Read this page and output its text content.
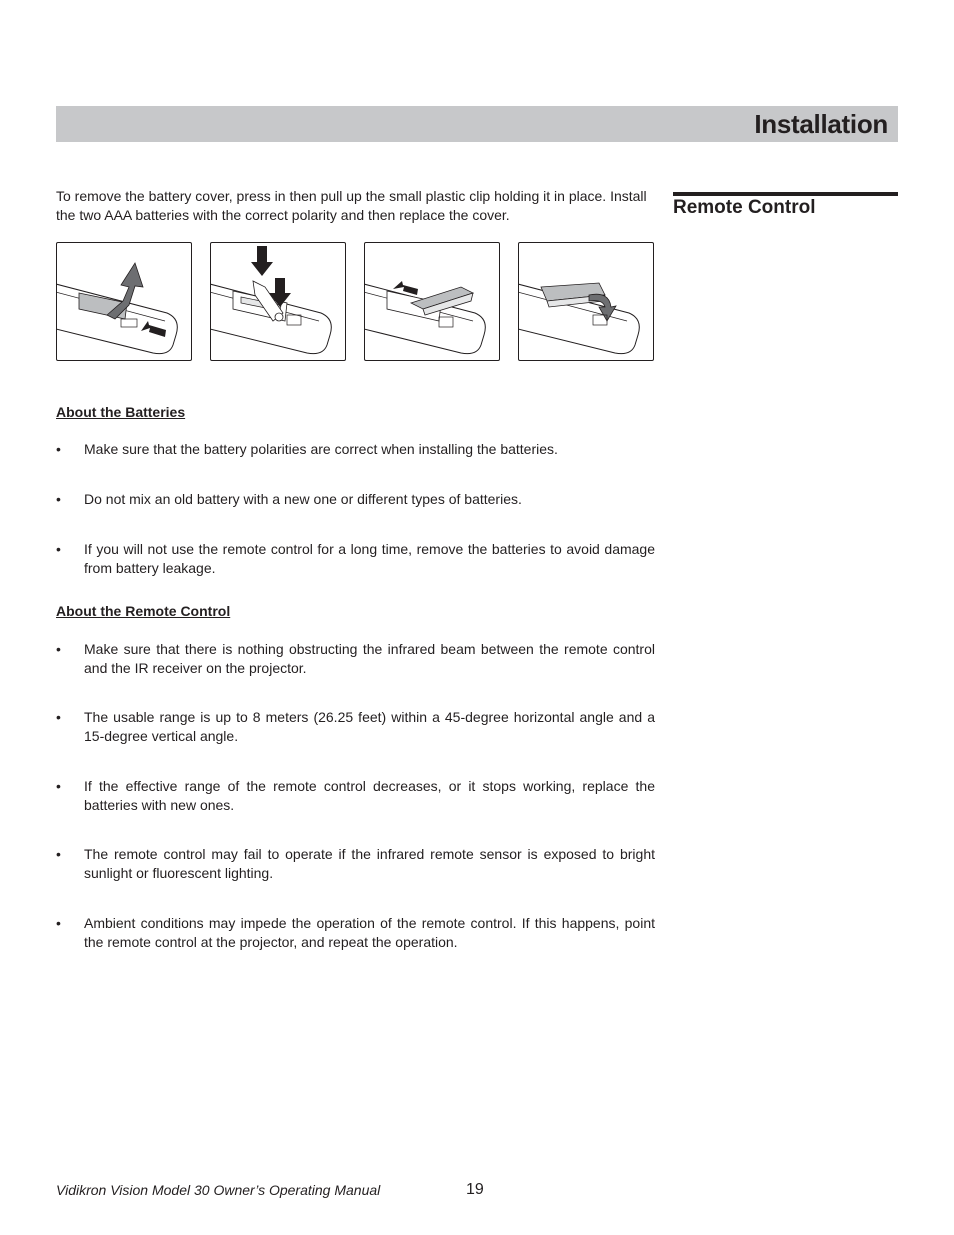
Installation
Remote Control

To remove the battery cover, press in then pull up the small plastic clip holding it in place. Install the two AAA batteries with the correct polarity and then replace the cover.

About the Batteries
•	Make sure that the battery polarities are correct when installing the batteries.
•	Do not mix an old battery with a new one or different types of batteries.
•	If you will not use the remote control for a long time, remove the batteries to avoid damage from battery leakage.
About the Remote Control
•	Make sure that there is nothing obstructing the infrared beam between the remote control and the IR receiver on the projector.
•	The usable range is up to 8 meters (26.25 feet) within a 45-degree horizontal angle and a 15-degree vertical angle.
•	If the effective range of the remote control decreases, or it stops working, replace the batteries with new ones.
•	The remote control may fail to operate if the infrared remote sensor is exposed to bright sunlight or fluorescent lighting.
•	Ambient conditions may impede the operation of the remote control. If this happens, point the remote control at the projector, and repeat the operation.
Vidikron Vision Model 30 Owner’s Operating Manual	19
